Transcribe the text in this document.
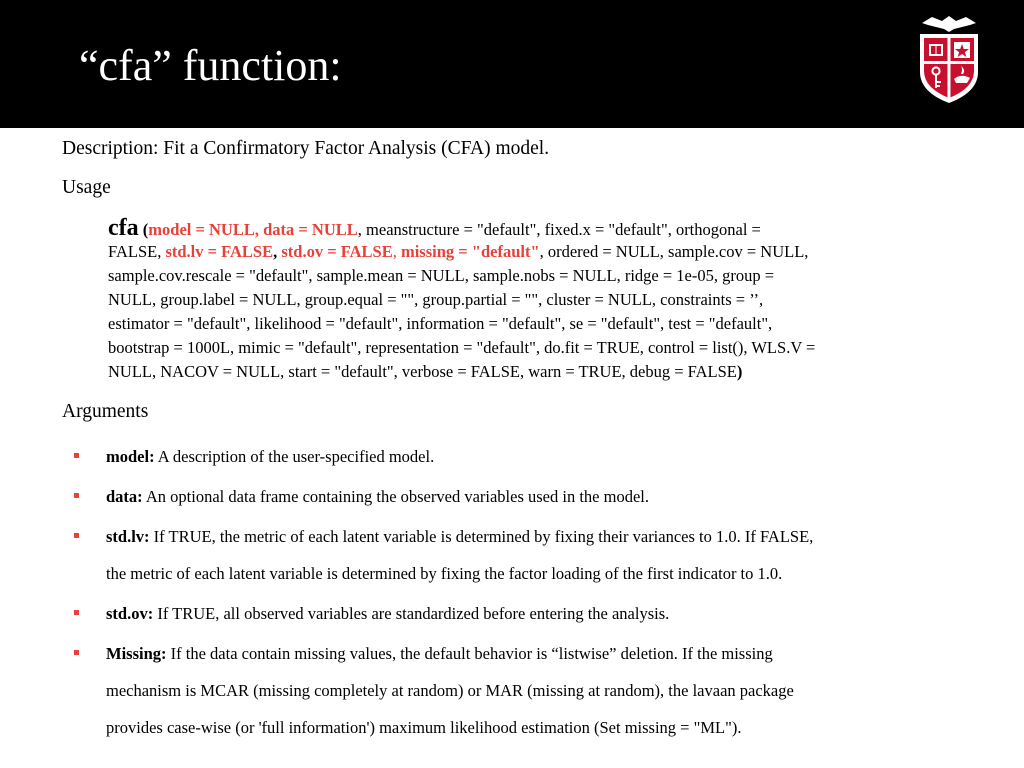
“cfa” function:
Description: Fit a Confirmatory Factor Analysis (CFA) model.
Usage
cfa (model = NULL, data = NULL, meanstructure = "default", fixed.x = "default", orthogonal =
FALSE, std.lv = FALSE, std.ov = FALSE, missing = "default", ordered = NULL, sample.cov = NULL,
sample.cov.rescale = "default", sample.mean = NULL, sample.nobs = NULL, ridge = 1e-05, group =
NULL, group.label = NULL, group.equal = "", group.partial = "", cluster = NULL, constraints = ’’,
estimator = "default", likelihood = "default", information = "default", se = "default", test = "default",
bootstrap = 1000L, mimic = "default", representation = "default", do.fit = TRUE, control = list(), WLS.V =
NULL, NACOV = NULL, start = "default", verbose = FALSE, warn = TRUE, debug = FALSE)
Arguments
model: A description of the user-specified model.
data: An optional data frame containing the observed variables used in the model.
std.lv: If TRUE, the metric of each latent variable is determined by fixing their variances to 1.0. If FALSE,
the metric of each latent variable is determined by fixing the factor loading of the first indicator to 1.0.
std.ov: If TRUE, all observed variables are standardized before entering the analysis.
Missing: If the data contain missing values, the default behavior is “listwise” deletion. If the missing
mechanism is MCAR (missing completely at random) or MAR (missing at random), the lavaan package
provides case-wise (or 'full information') maximum likelihood estimation (Set missing = "ML").
